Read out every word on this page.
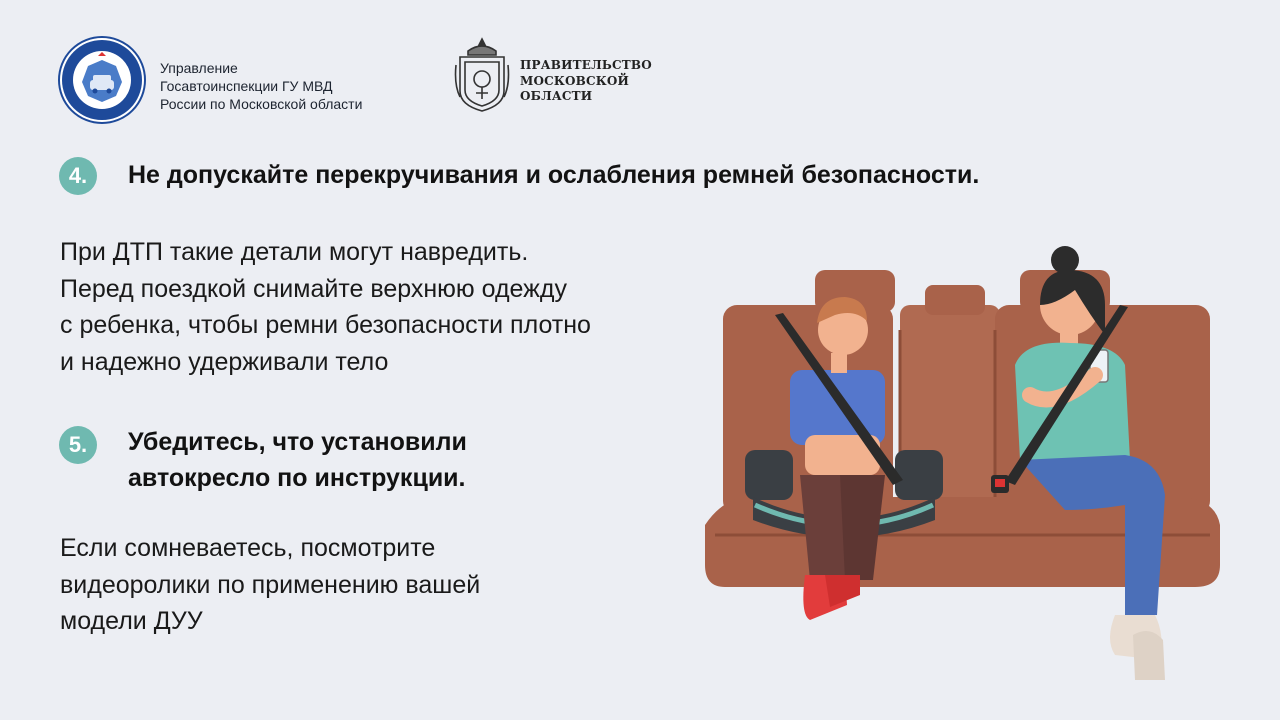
Управление
Госавтоинспекции ГУ МВД
России по Московской области
ПРАВИТЕЛЬСТВО
МОСКОВСКОЙ
ОБЛАСТИ
4.	Не допускайте перекручивания и ослабления ремней безопасности.
При ДТП такие детали могут навредить.
Перед поездкой снимайте верхнюю одежду
с ребенка, чтобы ремни безопасности плотно
и надежно удерживали тело
5.	Убедитесь, что установили
автокресло по инструкции.
Если сомневаетесь, посмотрите
видеоролики по применению вашей
модели ДУУ
